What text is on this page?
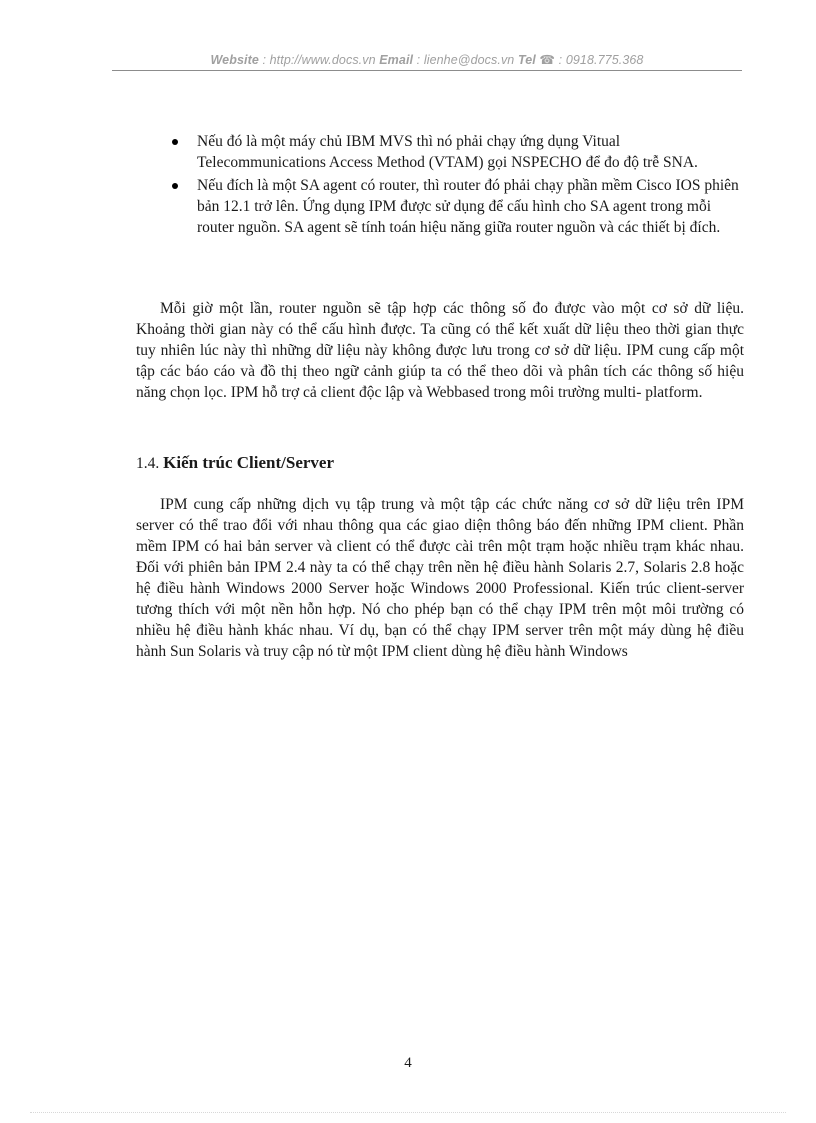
Website : http://www.docs.vn Email : lienhe@docs.vn Tel ☎ : 0918.775.368
Nếu đó là một máy chủ IBM MVS thì nó phải chạy ứng dụng Vitual Telecommunications Access Method (VTAM) gọi NSPECHO để đo độ trễ SNA.
Nếu đích là một SA agent có router, thì router đó phải chạy phần mềm Cisco IOS phiên bản 12.1 trở lên. Ứng dụng IPM được sử dụng để cấu hình cho SA agent trong mỗi router nguồn. SA agent sẽ tính toán hiệu năng giữa router nguồn và các thiết bị đích.

Mỗi giờ một lần, router nguồn sẽ tập hợp các thông số đo được vào một cơ sở dữ liệu. Khoảng thời gian này có thể cấu hình được. Ta cũng có thể kết xuất dữ liệu theo thời gian thực tuy nhiên lúc này thì những dữ liệu này không được lưu trong cơ sở dữ liệu. IPM cung cấp một tập các báo cáo và đồ thị theo ngữ cảnh giúp ta có thể theo dõi và phân tích các thông số hiệu năng chọn lọc. IPM hỗ trợ cả client độc lập và Webbased trong môi trường multi- platform.

1.4. Kiến trúc Client/Server

IPM cung cấp những dịch vụ tập trung và một tập các chức năng cơ sở dữ liệu trên IPM server có thể trao đổi với nhau thông qua các giao diện thông báo đến những IPM client. Phần mềm IPM có hai bản server và client có thể được cài trên một trạm hoặc nhiều trạm khác nhau. Đối với phiên bản IPM 2.4 này ta có thể chạy trên nền hệ điều hành Solaris 2.7, Solaris 2.8 hoặc hệ điều hành Windows 2000 Server hoặc Windows 2000 Professional. Kiến trúc client-server tương thích với một nền hỗn hợp. Nó cho phép bạn có thể chạy IPM trên một môi trường có nhiều hệ điều hành khác nhau. Ví dụ, bạn có thể chạy IPM server trên một máy dùng hệ điều hành Sun Solaris và truy cập nó từ một IPM client dùng hệ điều hành Windows

4
